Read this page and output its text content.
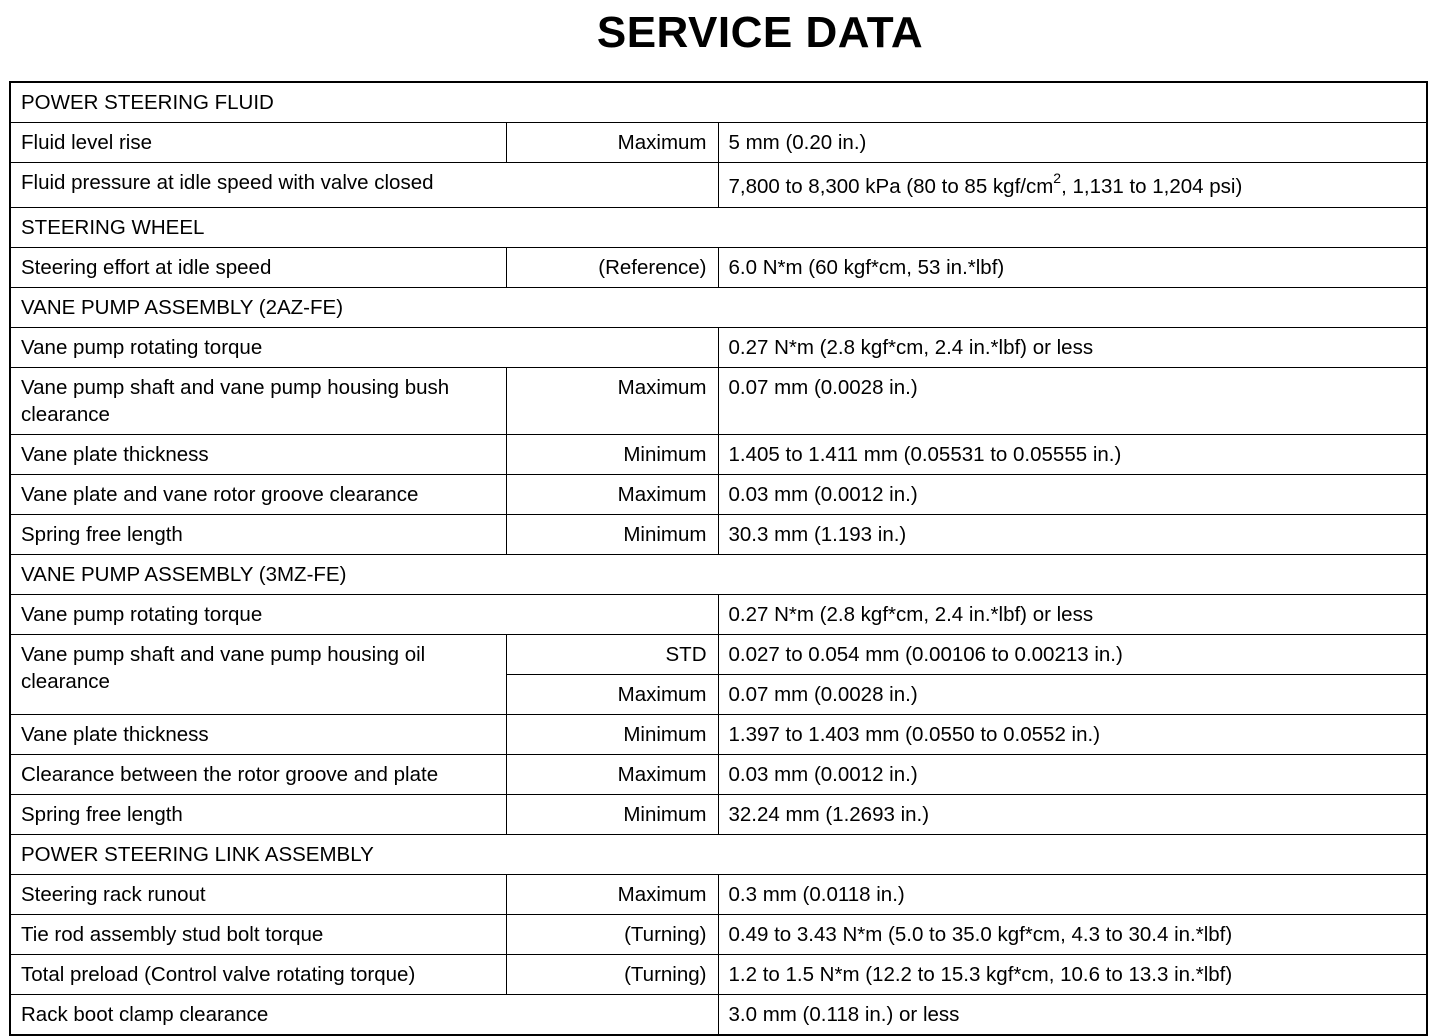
SERVICE DATA
POWER STEERING FLUID		
Fluid level rise	Maximum	5 mm (0.20 in.)
Fluid pressure at idle speed with valve closed		7,800 to 8,300 kPa (80 to 85 kgf/$cm^2$, 1,131 to 1,204 psi)
STEERING WHEEL		
Steering effort at idle speed	(Reference)	6.0 N*m (60 kgf*cm, 53 in.*lbf)
VANE PUMP ASSEMBLY (2AZ-FE)		
Vane pump rotating torque		0.27 N*m (2.8 kgf*cm, 2.4 in.*lbf) or less
Vane pump shaft and vane pump housing bush clearance	Maximum	0.07 mm (0.0028 in.)
Vane plate thickness	Minimum	1.405 to 1.411 mm (0.05531 to 0.05555 in.)
Vane plate and vane rotor groove clearance	Maximum	0.03 mm (0.0012 in.)
Spring free length	Minimum	30.3 mm (1.193 in.)
VANE PUMP ASSEMBLY (3MZ-FE)		
Vane pump rotating torque		0.27 N*m (2.8 kgf*cm, 2.4 in.*lbf) or less
Vane pump shaft and vane pump housing oil clearance	STD	0.027 to 0.054 mm (0.00106 to 0.00213 in.)
	Maximum	0.07 mm (0.0028 in.)
Vane plate thickness	Minimum	1.397 to 1.403 mm (0.0550 to 0.0552 in.)
Clearance between the rotor groove and plate	Maximum	0.03 mm (0.0012 in.)
Spring free length	Minimum	32.24 mm (1.2693 in.)
POWER STEERING LINK ASSEMBLY		
Steering rack runout	Maximum	0.3 mm (0.0118 in.)
Tie rod assembly stud bolt torque	(Turning)	0.49 to 3.43 N*m (5.0 to 35.0 kgf*cm, 4.3 to 30.4 in.*lbf)
Total preload (Control valve rotating torque)	(Turning)	1.2 to 1.5 N*m (12.2 to 15.3 kgf*cm, 10.6 to 13.3 in.*lbf)
Rack boot clamp clearance		3.0 mm (0.118 in.) or less
